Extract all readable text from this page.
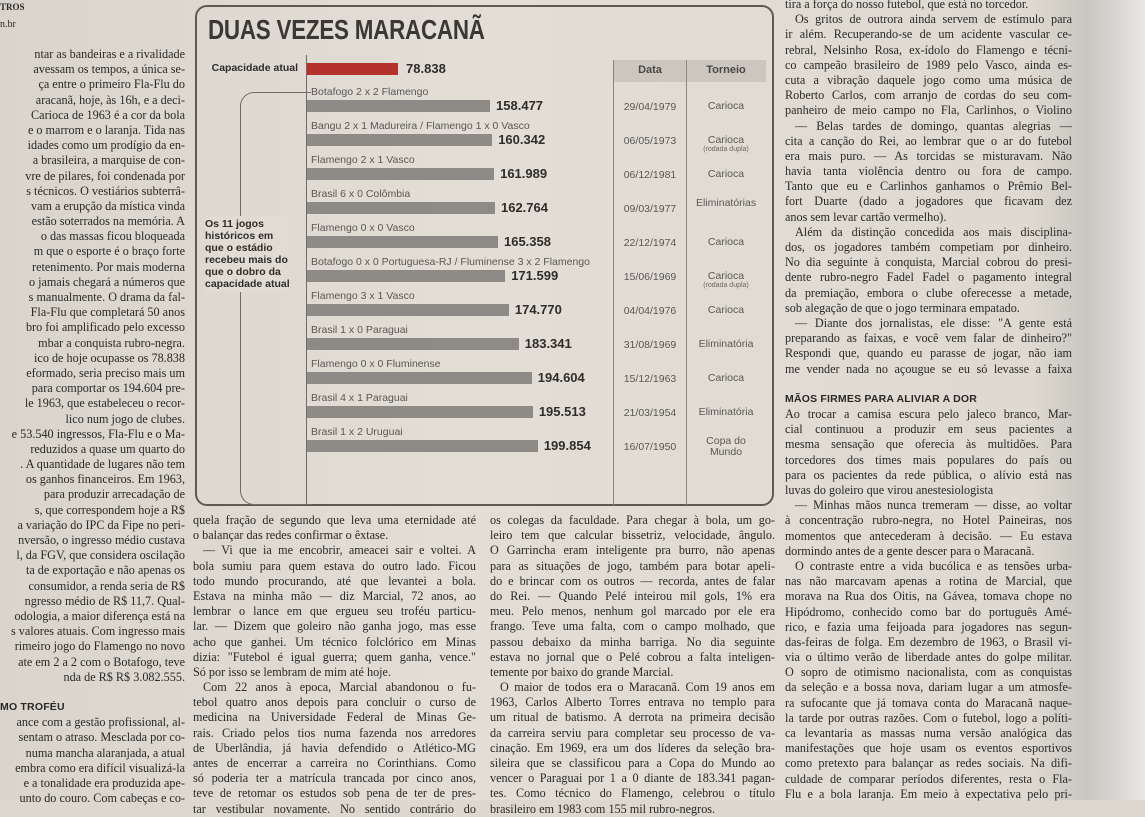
TROS
n.br
ntar as bandeiras e a rivalidade
avessam os tempos, a única se-
ça entre o primeiro Fla-Flu do
aracanã, hoje, às 16h, e a deci-
Carioca de 1963 é a cor da bola
e o marrom e o laranja. Tida nas
idades como um prodígio da en-
a brasileira, a marquise de con-
vre de pilares, foi condenada por
s técnicos. O vestiários subterrâ-
vam a erupção da mística vinda
estão soterrados na memória. A
o das massas ficou bloqueada
m que o esporte é o braço forte
retenimento. Por mais moderna
o jamais chegará a números que
s manualmente. O drama da fal-
Fla-Flu que completará 50 anos
bro foi amplificado pelo excesso
mbar a conquista rubro-negra.
ico de hoje ocupasse os 78.838
eformado, seria preciso mais um
para comportar os 194.604 pre-
le 1963, que estabeleceu o recor-
lico num jogo de clubes.
e 53.540 ingressos, Fla-Flu e o Ma-
reduzidos a quase um quarto do
. A quantidade de lugares não tem
os ganhos financeiros. Em 1963,
para produzir arrecadação de
s, que correspondem hoje a R$
a variação do IPC da Fipe no peri-
nversão, o ingresso médio custava
l, da FGV, que considera oscilação
ta de exportação e não apenas os
consumidor, a renda seria de R$
ngresso médio de R$ 11,7. Qual-
odologia, a maior diferença está na
s valores atuais. Com ingresso mais
rimeiro jogo do Flamengo no novo
ate em 2 a 2 com o Botafogo, teve
nda de R$ R$ 3.082.555.
MO TROFÉU
ance com a gestão profissional, al-
sentam o atraso. Mesclada por co-
numa mancha alaranjada, a atual
embra como era difícil visualizá-la
e a tonalidade era produzida ape-
unto do couro. Com cabeças e co-
quela fração de segundo que leva uma eternidade até
o balançar das redes confirmar o êxtase.
— Vi que ia me encobrir, ameacei sair e voltei. A
bola sumiu para quem estava do outro lado. Ficou
todo mundo procurando, até que levantei a bola.
Estava na minha mão — diz Marcial, 72 anos, ao
lembrar o lance em que ergueu seu troféu particu-
lar. — Dizem que goleiro não ganha jogo, mas esse
acho que ganhei. Um técnico folclórico em Minas
dizia: "Futebol é igual guerra; quem ganha, vence."
Só por isso se lembram de mim até hoje.
Com 22 anos à epoca, Marcial abandonou o fu-
tebol quatro anos depois para concluir o curso de
medicina na Universidade Federal de Minas Ge-
rais. Criado pelos tios numa fazenda nos arredores
de Uberlândia, já havia defendido o Atlético-MG
antes de encerrar a carreira no Corinthians. Como
só poderia ter a matrícula trancada por cinco anos,
teve de retomar os estudos sob pena de ter de pres-
tar vestibular novamente. No sentido contrário do
os colegas da faculdade. Para chegar à bola, um go-
leiro tem que calcular bissetriz, velocidade, ângulo.
O Garrincha eram inteligente pra burro, não apenas
para as situações de jogo, também para botar apeli-
do e brincar com os outros — recorda, antes de falar
do Rei. — Quando Pelé inteirou mil gols, 1% era
meu. Pelo menos, nenhum gol marcado por ele era
frango. Teve uma falta, com o campo molhado, que
passou debaixo da minha barriga. No dia seguinte
estava no jornal que o Pelé cobrou a falta inteligen-
temente por baixo do grande Marcial.
O maior de todos era o Maracanã. Com 19 anos em
1963, Carlos Alberto Torres entrava no templo para
um ritual de batismo. A derrota na primeira decisão
da carreira serviu para completar seu processo de va-
cinação. Em 1969, era um dos líderes da seleção bra-
sileira que se classificou para a Copa do Mundo ao
vencer o Paraguai por 1 a 0 diante de 183.341 pagan-
tes. Como técnico do Flamengo, celebrou o título
brasileiro em 1983 com 155 mil rubro-negros.
tira a força do nosso futebol, que está no torcedor.
Os gritos de outrora ainda servem de estímulo para
ir além. Recuperando-se de um acidente vascular ce-
rebral, Nelsinho Rosa, ex-ídolo do Flamengo e técni-
co campeão brasileiro de 1989 pelo Vasco, ainda es-
cuta a vibração daquele jogo como uma música de
Roberto Carlos, com arranjo de cordas do seu com-
panheiro de meio campo no Fla, Carlinhos, o Violino
— Belas tardes de domingo, quantas alegrias —
cita a canção do Rei, ao lembrar que o ar do futebol
era mais puro. — As torcidas se misturavam. Não
havia tanta violência dentro ou fora de campo.
Tanto que eu e Carlinhos ganhamos o Prêmio Bel-
fort Duarte (dado a jogadores que ficavam dez
anos sem levar cartão vermelho).
Além da distinção concedida aos mais disciplina-
dos, os jogadores também competiam por dinheiro.
No dia seguinte à conquista, Marcial cobrou do presi-
dente rubro-negro Fadel Fadel o pagamento integral
da premiação, embora o clube oferecesse a metade,
sob alegação de que o jogo terminara empatado.
— Diante dos jornalistas, ele disse: "A gente está
preparando as faixas, e você vem falar de dinheiro?"
Respondi que, quando eu parasse de jogar, não iam
me vender nada no açougue se eu só levasse a faixa
MÃOS FIRMES PARA ALIVIAR A DOR
Ao trocar a camisa escura pelo jaleco branco, Mar-
cial continuou a produzir em seus pacientes a
mesma sensação que oferecia às multidões. Para
torcedores dos times mais populares do país ou
para os pacientes da rede pública, o alívio está nas
luvas do goleiro que virou anestesiologista
— Minhas mãos nunca tremeram — disse, ao voltar
à concentração rubro-negra, no Hotel Paineiras, nos
momentos que antecederam à decisão. — Eu estava
dormindo antes de a gente descer para o Maracanã.
O contraste entre a vida bucólica e as tensões urba-
nas não marcavam apenas a rotina de Marcial, que
morava na Rua dos Oitis, na Gávea, tomava chope no
Hipódromo, conhecido como bar do português Amé-
rico, e fazia uma feijoada para jogadores nas segun-
das-feiras de folga. Em dezembro de 1963, o Brasil vi-
via o último verão de liberdade antes do golpe militar.
O sopro de otimismo nacionalista, com as conquistas
da seleção e a bossa nova, dariam lugar a um atmosfe-
ra sufocante que já tomava conta do Maracanã naque-
la tarde por outras razões. Com o futebol, logo a políti-
ca levantaria as massas numa versão analógica das
manifestações que hoje usam os eventos esportivos
como pretexto para balançar as redes sociais. Na difi-
culdade de comparar períodos diferentes, resta o Fla-
Flu e a bola laranja. Em meio à expectativa pelo pri-
DUAS VEZES MARACANÃ
Data	Torneio
Os 11 jogos históricos em que o estádio recebeu mais do que o dobro da capacidade atual
Capacidade atual	78.838
Botafogo 2 x 2 Flamengo
158.477	29/04/1979	Carioca
Bangu 2 x 1 Madureira / Flamengo 1 x 0 Vasco
160.342	06/05/1973	Carioca
(rodada dupla)
Flamengo 2 x 1 Vasco
161.989	06/12/1981	Carioca
Brasil 6 x 0 Colômbia
162.764	09/03/1977	Eliminatórias
Flamengo 0 x 0 Vasco
165.358	22/12/1974	Carioca
Botafogo 0 x 0 Portuguesa-RJ / Fluminense 3 x 2 Flamengo
171.599	15/06/1969	Carioca
(rodada dupla)
Flamengo 3 x 1 Vasco
174.770	04/04/1976	Carioca
Brasil 1 x 0 Paraguai
183.341	31/08/1969	Eliminatória
Flamengo 0 x 0 Fluminense
194.604	15/12/1963	Carioca
Brasil 4 x 1 Paraguai
195.513	21/03/1954	Eliminatória
Brasil 1 x 2 Uruguai
199.854	16/07/1950	Copa do Mundo
